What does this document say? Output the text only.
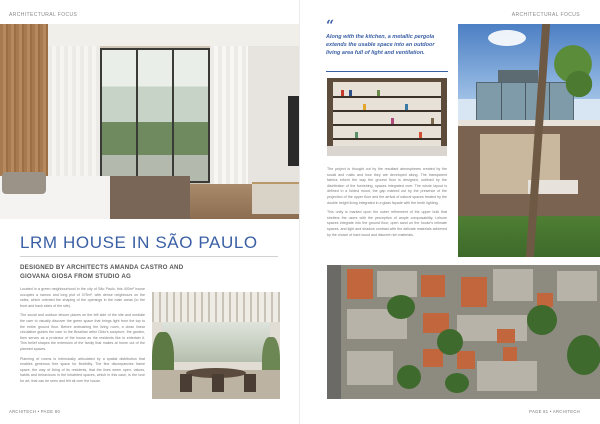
ARCHITECTURAL FOCUS
LRM HOUSE IN SÃO PAULO
DESIGNED BY ARCHITECTS AMANDA CASTRO AND GIOVANA GIOSA FROM STUDIO AG

Located in a green neighbourhood in the city of São Paulo, this 400m² house occupies a narrow and long plot of 375m², with dense neighbours on the sides, which oriented the shaping of the openings in the main areas (to the front and back sides of the site).

The social and outdoor leisure places on the left side of the site and mediate the user to visually discover the green space that brings light from the top to the entire ground floor. Before ambushing the living room, a clean linear circulation guides the user to the Brazilian artist Cildo's sculpture, the garden, then serves as a protector of the house as the residents like to entertain it. This belief shapes the extension of the family that makes at home out of the planned spaces.

Planning of rooms is intrinsically articulated by a spatial distribution that enables generous free space for flexibility. The fine discrepancies frame space, the way of living of its residents, that the lines seem open, values, habits and behaviours in the inhabited spaces, which in this case, is the love for art, that can be seen and felt all over the house.

ARCHITECH • PAGE 80
ARCHITECTURAL FOCUS
“
Along with the kitchen, a metallic pergola extends the usable space into an outdoor living area full of light and ventilation.

The project is thought out by the resultant atmospheres created by the social and rustic and how they are developed along. The transparent fabrics inform the way the ground floor is designed, outlined by the distribution of the furnishing, spaces integrated over. The whole layout is defined in a folded mood, the gap marked out by the presence of the projection of the upper floor and the arrival of natural spaces treated by the double height living integrated in a glass façade with the broth lighting.

This unity is marked upon the sober refinement of the upper bulk that shelters the users with the perception of ample composability. Leisure spaces integrate into the ground floor, open sand on the house's intimate spaces, and light and shadow contrast with the delicate materials achieved by the choice of hard wood and discreet rich materials.

PAGE 81 • ARCHITECH
